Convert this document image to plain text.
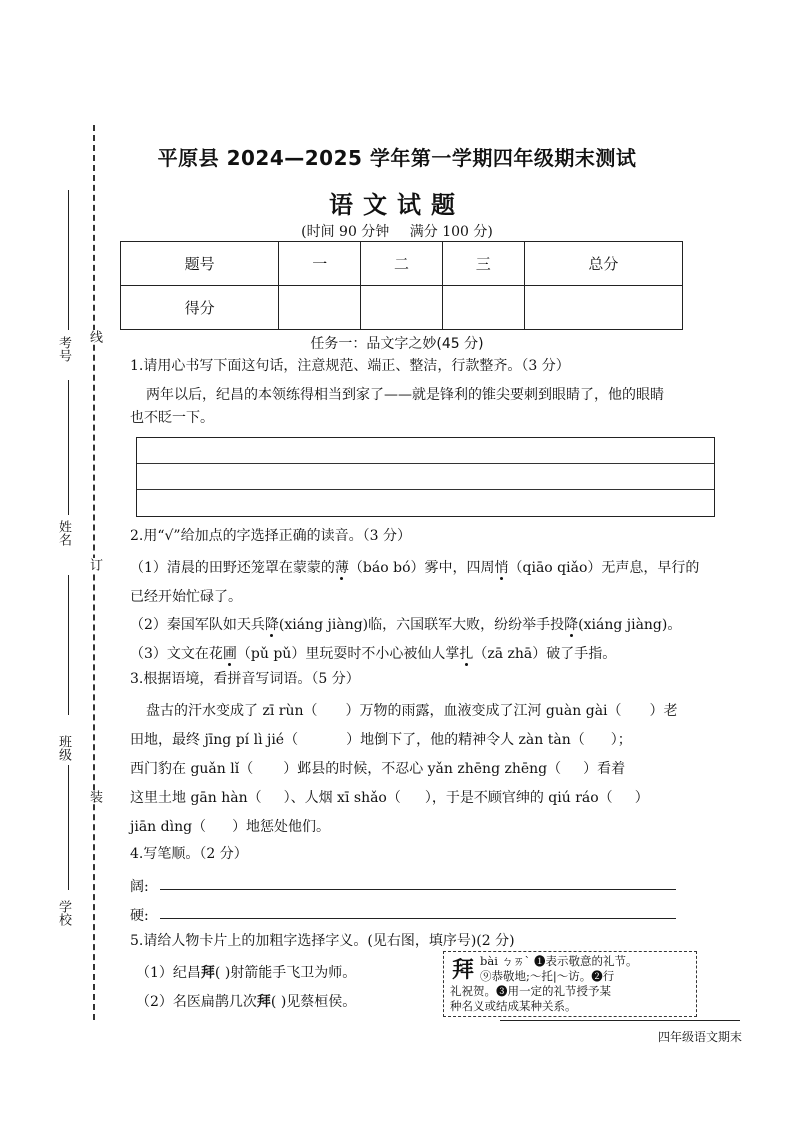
考号 线
姓名
订
班级
装
学校
平原县 2024—2025 学年第一学期四年级期末测试
语文试题
(时间 90 分钟 满分 100 分)
题号	一	二	三	总分
得分				
任务一：品文字之妙(45 分)
1.请用心书写下面这句话，注意规范、端正、整洁，行款整齐。（3 分）
两年以后，纪昌的本领练得相当到家了——就是锋利的锥尖要刺到眼睛了，他的眼睛
也不眨一下。
2.用“√”给加点的字选择正确的读音。（3 分）
（1）清晨的田野还笼罩在蒙蒙的薄（báo bó）雾中，四周悄（qiāo qiǎo）无声息，早行的
已经开始忙碌了。
（2）秦国军队如天兵降(xiáng jiàng)临，六国联军大败，纷纷举手投降(xiáng jiàng)。
（3）文文在花圃（pǔ pǔ）里玩耍时不小心被仙人掌扎（zā zhā）破了手指。
3.根据语境，看拼音写词语。（5 分）
盘古的汗水变成了 zī rùn（ ）万物的雨露，血液变成了江河 guàn gài（ ）老
田地，最终 jīng pí lì jié（	）地倒下了，他的精神令人 zàn tàn（ ）；
西门豹在 guǎn lǐ（ ）邺县的时候，不忍心 yǎn zhēng zhēng（ ）看着
这里土地 gān hàn（ ）、人烟 xī shǎo（ ），于是不顾官绅的 qiú ráo（ ）
jiān dìng（ ）地惩处他们。
4.写笔顺。（2 分）
阔:
硬:
5.请给人物卡片上的加粗字选择字义。(见右图，填序号)(2 分)
（1）纪昌拜( )射箭能手飞卫为师。
（2）名医扁鹊几次拜( )见蔡桓侯。
拜 bài ㄅㄞˋ ❶表示敬意的礼节。
⑨恭敬地;～托|～访。❷行
礼祝贺。❸用一定的礼节授予某
种名义或结成某种关系。
四年级语文期末
